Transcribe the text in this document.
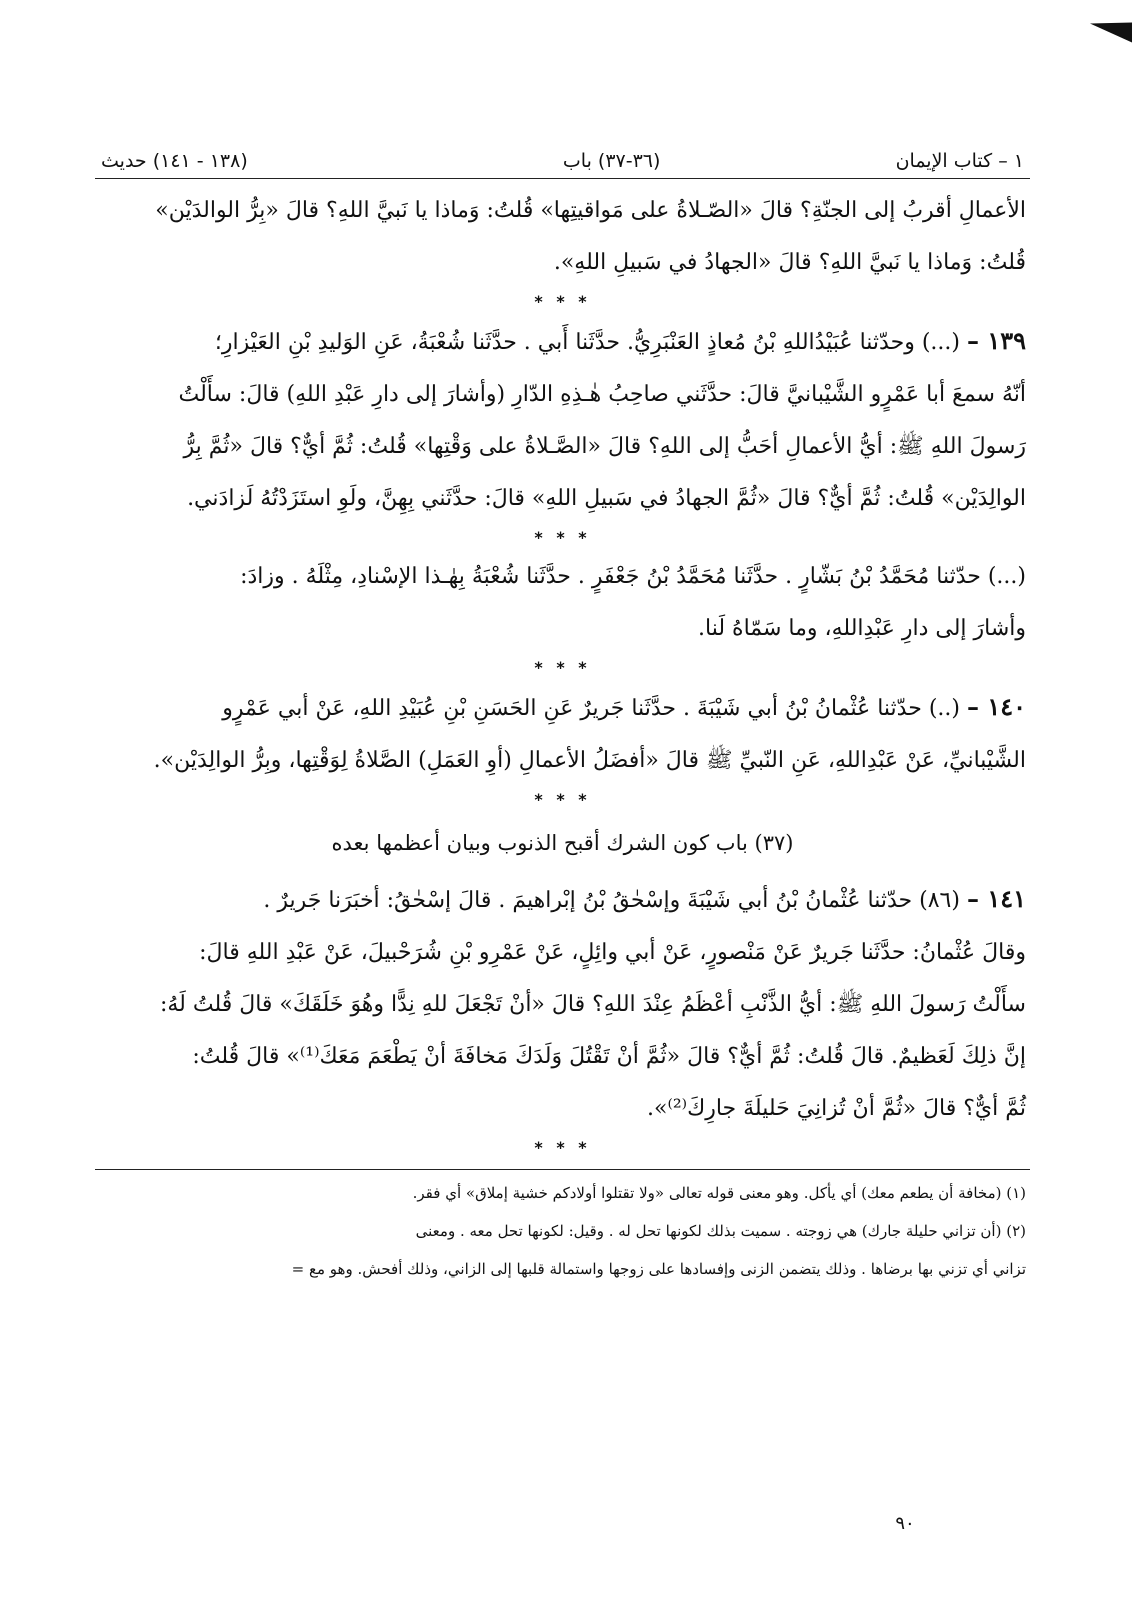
١ – كتاب الإيمان
(٣٦-٣٧) باب
(١٣٨ - ١٤١) حديث

الأعمالِ أقربُ إلى الجنّةِ؟ قالَ «الصّـلاةُ على مَواقيتِها» قُلتُ: وَماذا يا نَبيَّ اللهِ؟ قالَ «بِرُّ الوالدَيْن»

قُلتُ: وَماذا يا نَبيَّ اللهِ؟ قالَ «الجهادُ في سَبيلِ اللهِ».

* * *

١٣٩ – (...) وحدّثنا عُبَيْدُاللهِ بْنُ مُعاذٍ العَنْبَرِيُّ. حدَّثَنا أَبي . حدَّثَنا شُعْبَةُ، عَنِ الوَليدِ بْنِ العَيْزارِ؛

أنّهُ سمعَ أبا عَمْرٍو الشَّيْبانيَّ قالَ: حدَّثَني صاحِبُ هٰـذِهِ الدّارِ (وأشارَ إلى دارِ عَبْدِ اللهِ) قالَ: سأَلْتُ

رَسولَ اللهِ ﷺ: أيُّ الأعمالِ أحَبُّ إلى اللهِ؟ قالَ «الصَّـلاةُ على وَقْتِها» قُلتُ: ثُمَّ أيٌّ؟ قالَ «ثُمَّ بِرُّ

الوالِدَيْن» قُلتُ: ثُمَّ أيٌّ؟ قالَ «ثُمَّ الجهادُ في سَبيلِ اللهِ» قالَ: حدَّثَني بِهِنَّ، ولَوِ استَزَدْتُهُ لَزادَني.

* * *

(...) حدّثنا مُحَمَّدُ بْنُ بَشّارٍ . حدَّثَنا مُحَمَّدُ بْنُ جَعْفَرٍ . حدَّثَنا شُعْبَةُ بِهٰـذا الإسْنادِ، مِثْلَهُ . وزادَ:

وأشارَ إلى دارِ عَبْدِاللهِ، وما سَمّاهُ لَنا.

* * *

١٤٠ – (..) حدّثنا عُثْمانُ بْنُ أبي شَيْبَةَ . حدَّثَنا جَريرٌ عَنِ الحَسَنِ بْنِ عُبَيْدِ اللهِ، عَنْ أبي عَمْرٍو

الشَّيْبانيِّ، عَنْ عَبْدِاللهِ، عَنِ النّبيِّ ﷺ قالَ «أفضَلُ الأعمالِ (أوِ العَمَلِ) الصَّلاةُ لِوَقْتِها، وبِرُّ الوالِدَيْن».

* * *
(٣٧) باب كون الشرك أقبح الذنوب وبيان أعظمها بعده

١٤١ – (٨٦) حدّثنا عُثْمانُ بْنُ أبي شَيْبَةَ وإسْحٰقُ بْنُ إبْراهيمَ . قالَ إسْحٰقُ: أخبَرَنا جَريرٌ .

وقالَ عُثْمانُ: حدَّثَنا جَريرٌ عَنْ مَنْصورٍ، عَنْ أبي وائِلٍ، عَنْ عَمْرِو بْنِ شُرَحْبيلَ، عَنْ عَبْدِ اللهِ قالَ:

سأَلْتُ رَسولَ اللهِ ﷺ: أيُّ الذَّنْبِ أعْظَمُ عِنْدَ اللهِ؟ قالَ «أنْ تَجْعَلَ للهِ نِدًّا وهُوَ خَلَقَكَ» قالَ قُلتُ لَهُ:

إنَّ ذلِكَ لَعَظيمٌ. قالَ قُلتُ: ثُمَّ أيٌّ؟ قالَ «ثُمَّ أنْ تَقْتُلَ وَلَدَكَ مَخافَةَ أنْ يَطْعَمَ مَعَكَ⁽¹⁾» قالَ قُلتُ:

ثُمَّ أيٌّ؟ قالَ «ثُمَّ أنْ تُزانِيَ حَليلَةَ جارِكَ⁽²⁾».

* * *

(١) (مخافة أن يطعم معك) أي يأكل. وهو معنى قوله تعالى «ولا تقتلوا أولادكم خشية إملاق» أي فقر.

(٢) (أن تزاني حليلة جارك) هي زوجته . سميت بذلك لكونها تحل له . وقيل: لكونها تحل معه . ومعنى

تزاني أي تزني بها برضاها . وذلك يتضمن الزنى وإفسادها على زوجها واستمالة قلبها إلى الزاني، وذلك أفحش. وهو مع =

٩٠
